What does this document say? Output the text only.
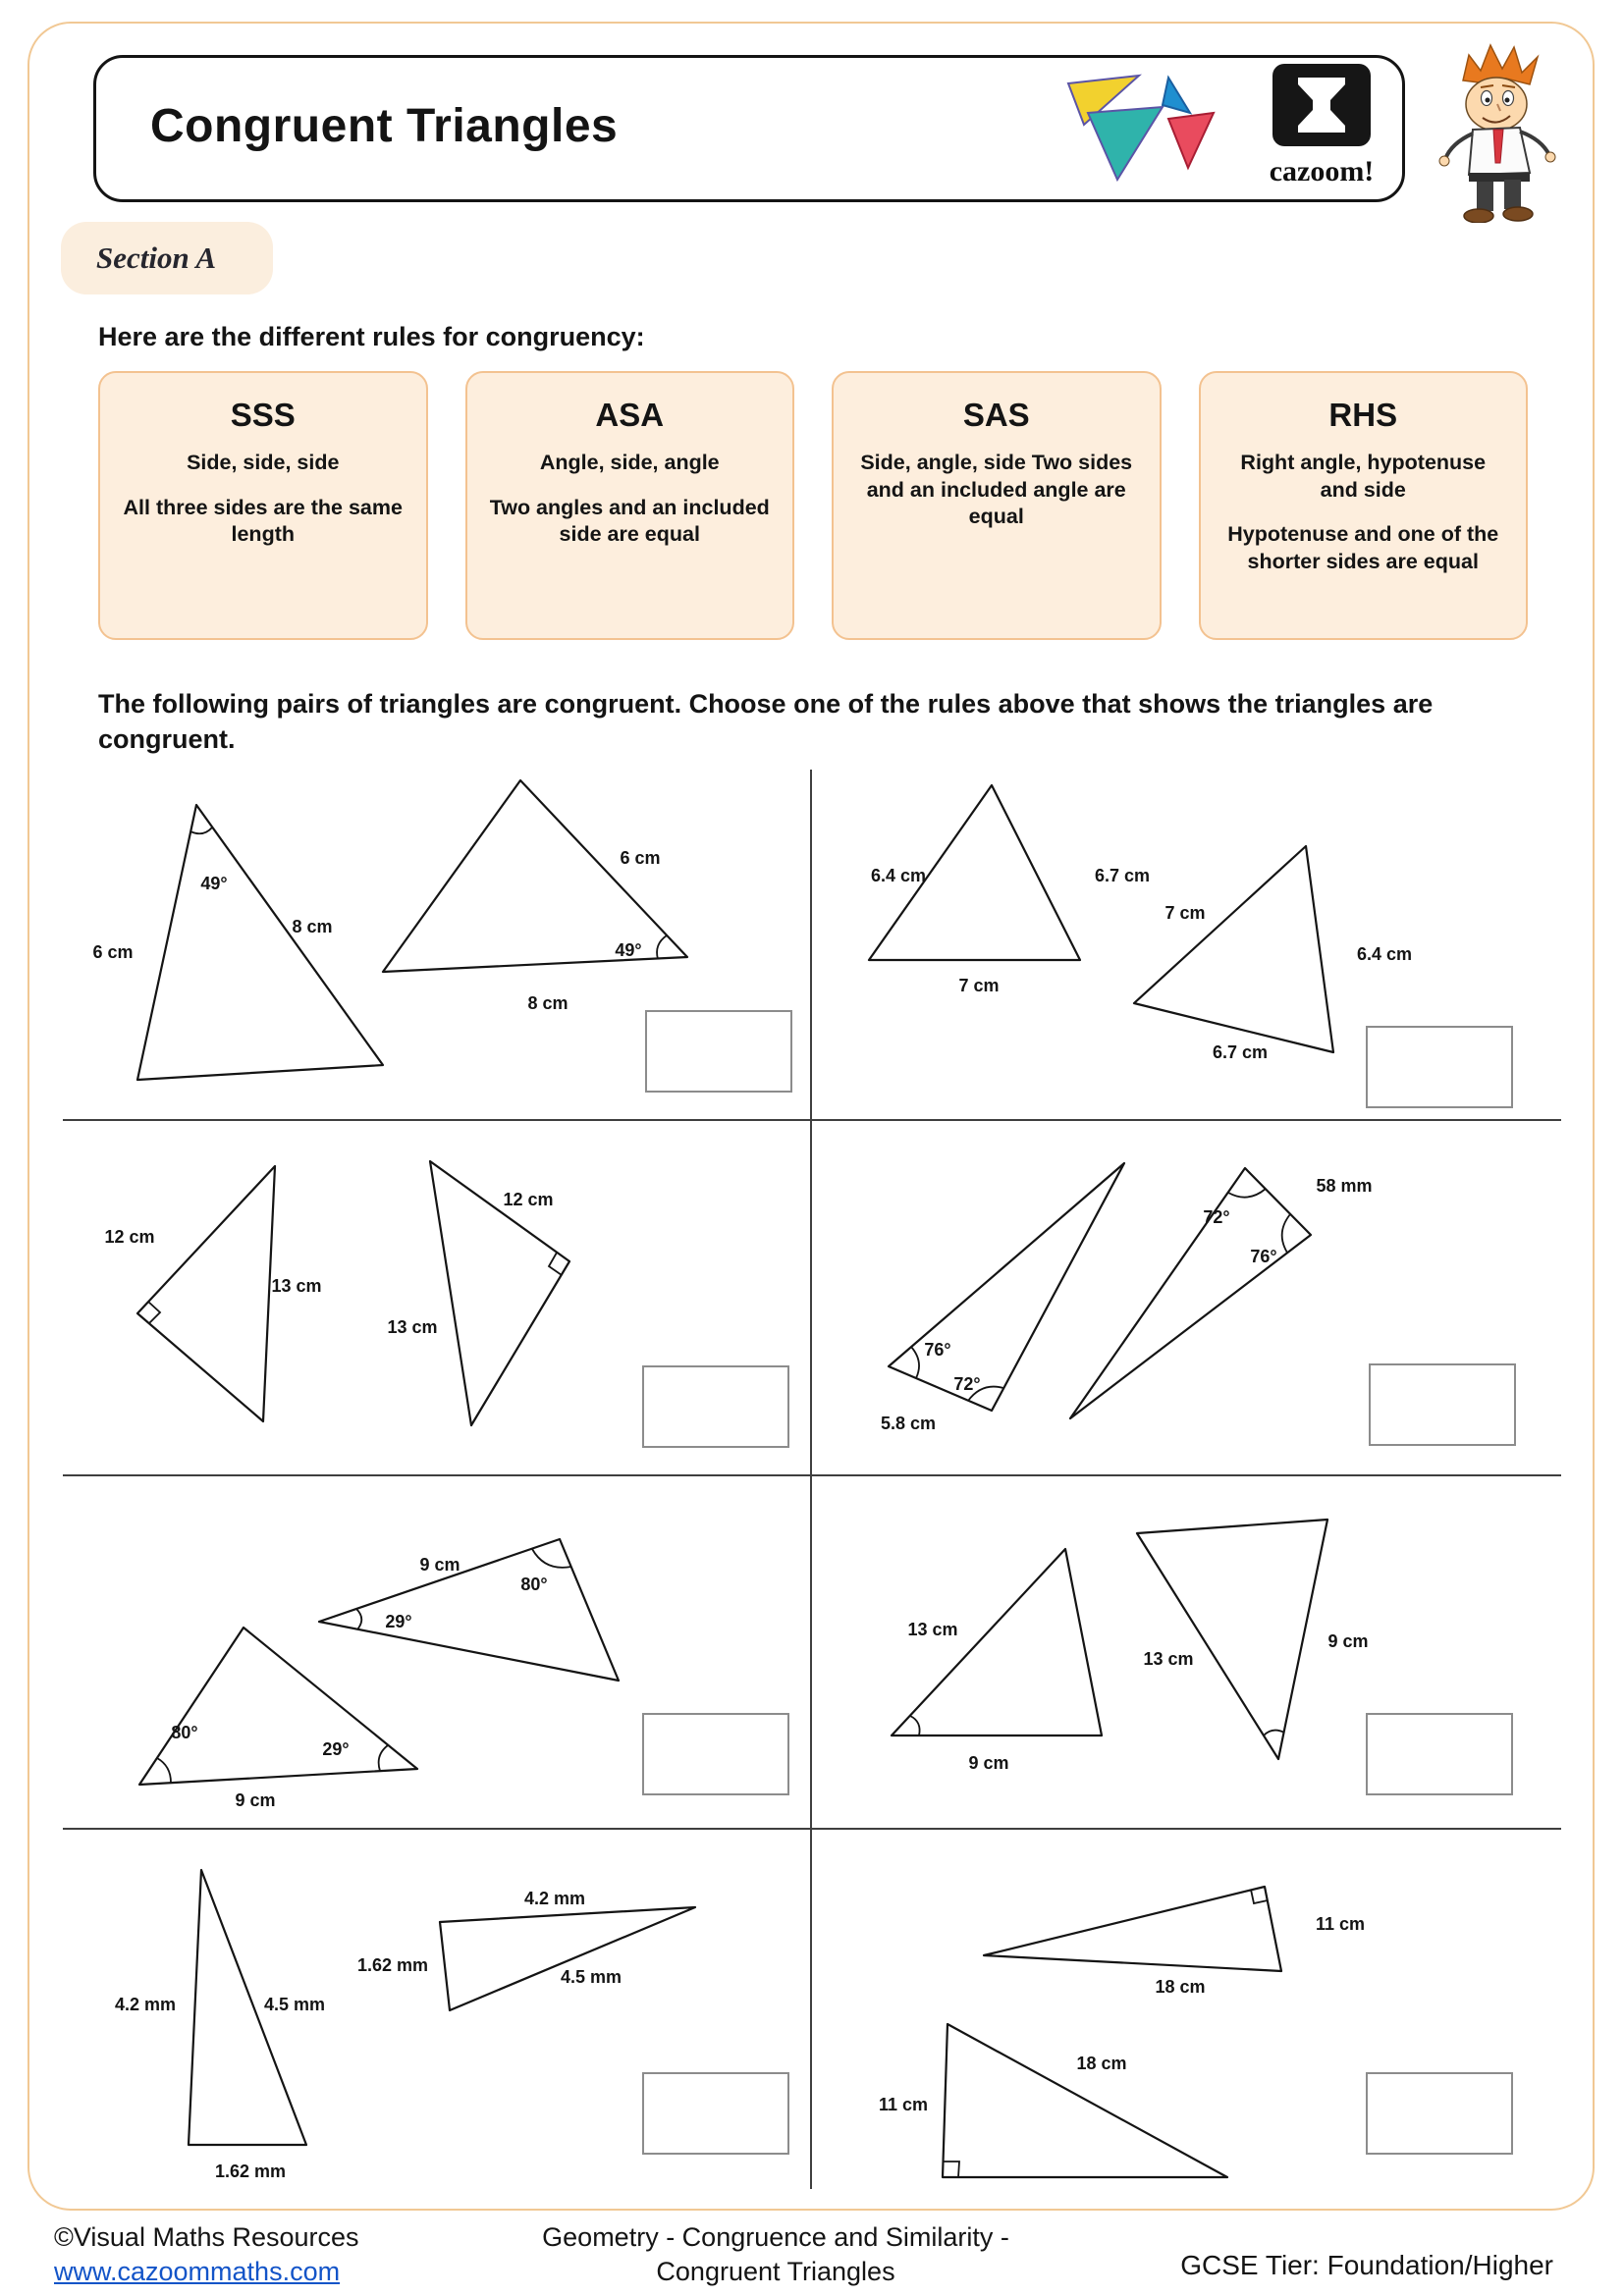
Congruent Triangles
cazoom!
Section A
Here are the different rules for congruency:
SSS

Side, side, side

All three sides are the same length

ASA

Angle, side, angle

Two angles and an included side are equal

SAS

Side, angle, side Two sides and an included angle are equal

RHS

Right angle, hypotenuse and side

Hypotenuse and one of the shorter sides are equal

The following pairs of triangles are congruent. Choose one of the rules above that shows the triangles are congruent.
49°
6 cm
8 cm
6 cm
49°
8 cm
6.4 cm	6.7 cm
7 cm
7 cm
6.4 cm
6.7 cm
12 cm
13 cm
12 cm
13 cm
76°
72°
5.8 cm
72°
76°
58 mm
9 cm
29°
80°
80°
29°
9 cm
13 cm
9 cm
13 cm
9 cm
4.2 mm	4.5 mm
1.62 mm
4.2 mm
1.62 mm
4.5 mm
11 cm
18 cm
11 cm
18 cm
©Visual Maths Resources
www.cazoommaths.com
Geometry - Congruence and Similarity -
Congruent Triangles	GCSE Tier: Foundation/Higher
